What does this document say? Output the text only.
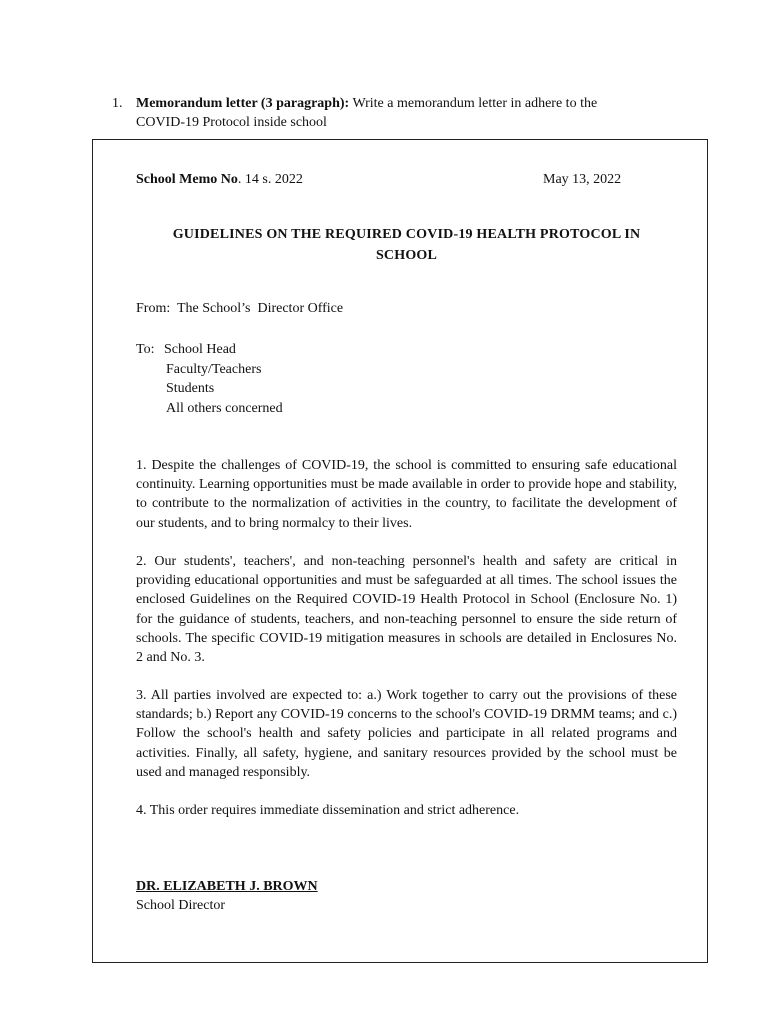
1. Memorandum letter (3 paragraph): Write a memorandum letter in adhere to the
COVID-19 Protocol inside school
School Memo No. 14 s. 2022	May 13, 2022
GUIDELINES ON THE REQUIRED COVID-19 HEALTH PROTOCOL IN
SCHOOL
From:  The School’s  Director Office
To: School Head
Faculty/Teachers
Students
All others concerned
1. Despite the challenges of COVID-19, the school is committed to ensuring safe educational continuity. Learning opportunities must be made available in order to provide hope and stability, to contribute to the normalization of activities in the country, to facilitate the development of our students, and to bring normalcy to their lives.
2. Our students', teachers', and non-teaching personnel's health and safety are critical in providing educational opportunities and must be safeguarded at all times. The school issues the enclosed Guidelines on the Required COVID-19 Health Protocol in School (Enclosure No. 1) for the guidance of students, teachers, and non-teaching personnel to ensure the side return of schools. The specific COVID-19 mitigation measures in schools are detailed in Enclosures No. 2 and No. 3.
3. All parties involved are expected to: a.) Work together to carry out the provisions of these standards; b.) Report any COVID-19 concerns to the school's COVID-19 DRMM teams; and c.) Follow the school's health and safety policies and participate in all related programs and activities. Finally, all safety, hygiene, and sanitary resources provided by the school must be used and managed responsibly.
4. This order requires immediate dissemination and strict adherence.
DR. ELIZABETH J. BROWN
School Director
